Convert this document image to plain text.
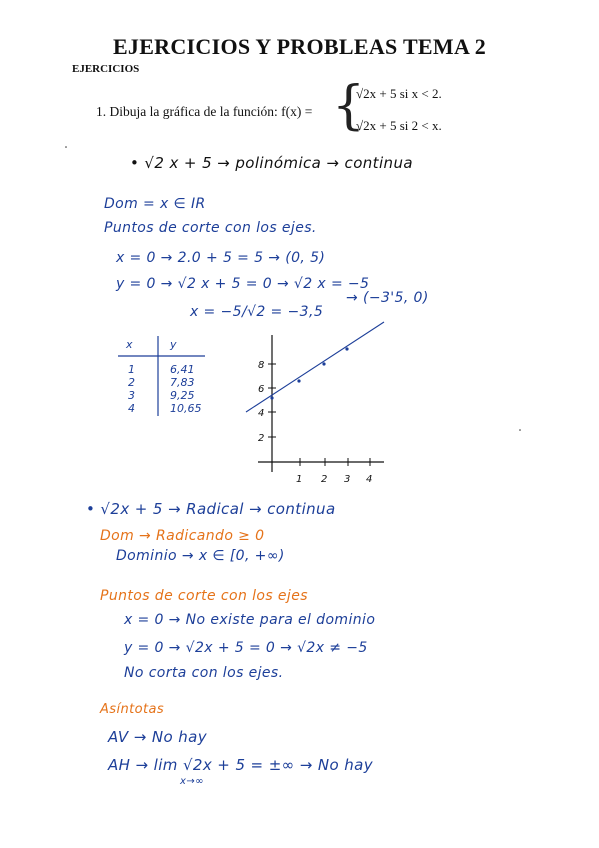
EJERCICIOS Y PROBLEAS TEMA 2
EJERCICIOS
1. Dibuja la gráfica de la función: f(x) = {
√2x + 5 si x < 2.
√2x + 5 si 2 < x.
• √2 x + 5 → polinómica → continua
Dom = x ∈ IR
Puntos de corte con los ejes.
x = 0 → 2.0 + 5 = 5 → (0, 5)
y = 0 → √2 x + 5 = 0 → √2 x = −5
x = −5/√2 = −3,5
→ (−3'5, 0)
x	y
1	6,41
2	7,83
3	9,25
4	10,65
8
6
4
2
1 2 3 4
• √2x + 5 → Radical → continua
Dom → Radicando ≥ 0
Dominio → x ∈ [0, +∞)
Puntos de corte con los ejes
x = 0 → No existe para el dominio
y = 0 → √2x + 5 = 0 → √2x ≠ −5
No corta con los ejes.
Asíntotas
AV → No hay
AH → lim √2x + 5 = ±∞ → No hay
x→∞
